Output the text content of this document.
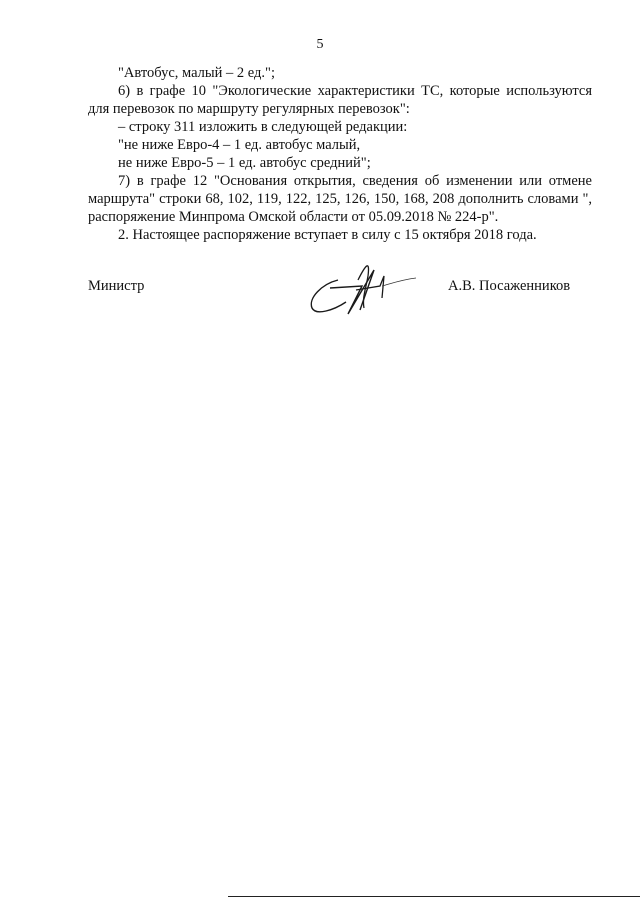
5

"Автобус, малый – 2 ед.";

6) в графе 10 "Экологические характеристики ТС, которые используются для перевозок по маршруту регулярных перевозок":

– строку 311 изложить в следующей редакции:

"не ниже Евро-4 – 1 ед. автобус малый,

не ниже Евро-5 – 1 ед. автобус средний";

7) в графе 12 "Основания открытия, сведения об изменении или отмене маршрута" строки 68, 102, 119, 122, 125, 126, 150, 168, 208 дополнить словами ", распоряжение Минпрома Омской области от 05.09.2018 № 224-р".

2. Настоящее распоряжение вступает в силу с 15 октября 2018 года.

Министр	А.В. Посаженников
